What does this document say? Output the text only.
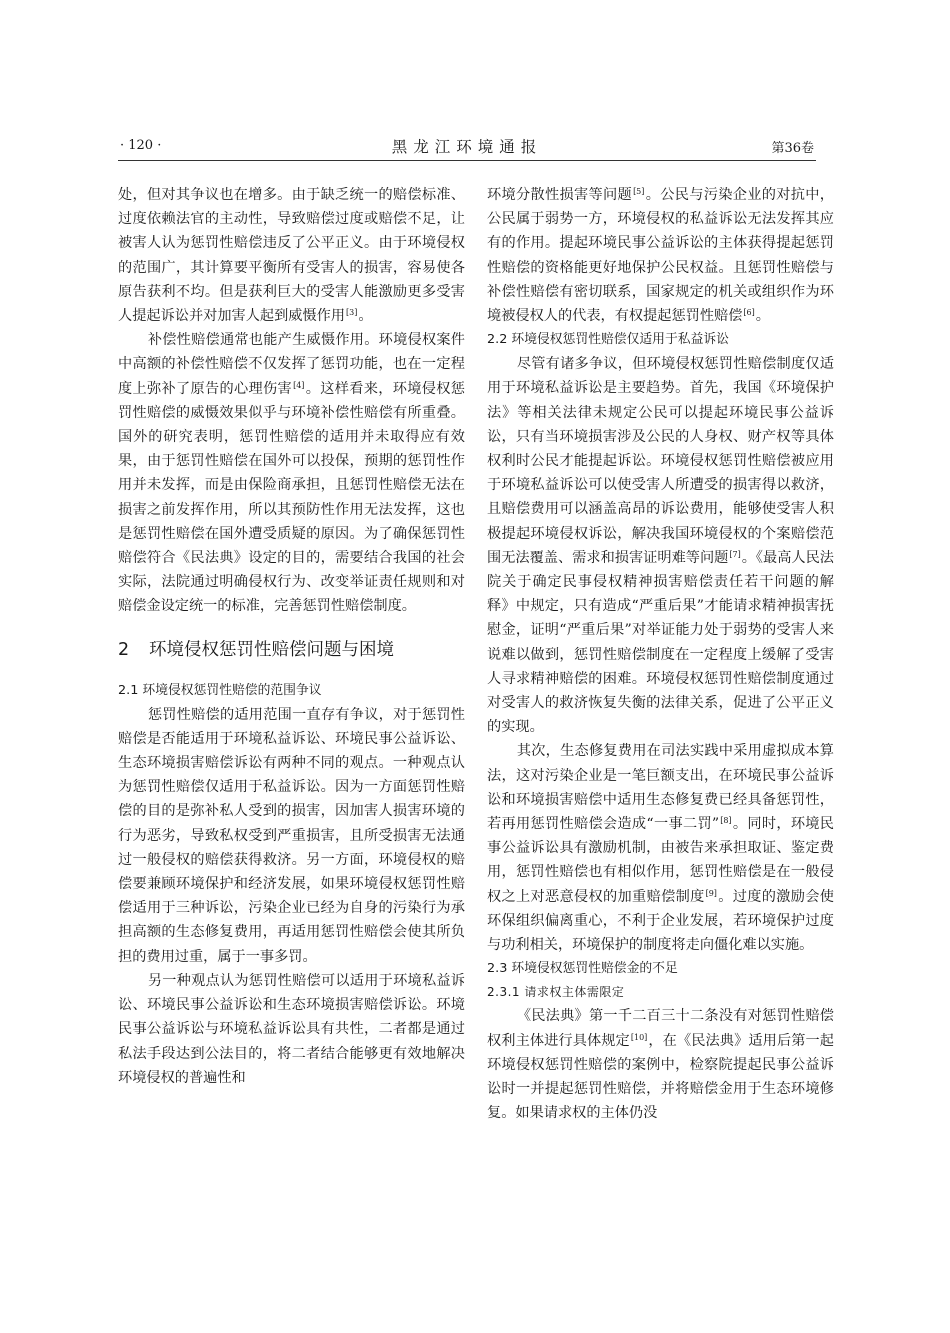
· 120 ·	黑龙江环境通报	第36卷

处，但对其争议也在增多。由于缺乏统一的赔偿标准、过度依赖法官的主动性，导致赔偿过度或赔偿不足，让被害人认为惩罚性赔偿违反了公平正义。由于环境侵权的范围广，其计算要平衡所有受害人的损害，容易使各原告获利不均。但是获利巨大的受害人能激励更多受害人提起诉讼并对加害人起到威慑作用[3]。

补偿性赔偿通常也能产生威慑作用。环境侵权案件中高额的补偿性赔偿不仅发挥了惩罚功能，也在一定程度上弥补了原告的心理伤害[4]。这样看来，环境侵权惩罚性赔偿的威慑效果似乎与环境补偿性赔偿有所重叠。国外的研究表明，惩罚性赔偿的适用并未取得应有效果，由于惩罚性赔偿在国外可以投保，预期的惩罚性作用并未发挥，而是由保险商承担，且惩罚性赔偿无法在损害之前发挥作用，所以其预防性作用无法发挥，这也是惩罚性赔偿在国外遭受质疑的原因。为了确保惩罚性赔偿符合《民法典》设定的目的，需要结合我国的社会实际，法院通过明确侵权行为、改变举证责任规则和对赔偿金设定统一的标准，完善惩罚性赔偿制度。

2 环境侵权惩罚性赔偿问题与困境
2.1 环境侵权惩罚性赔偿的范围争议

惩罚性赔偿的适用范围一直存有争议，对于惩罚性赔偿是否能适用于环境私益诉讼、环境民事公益诉讼、生态环境损害赔偿诉讼有两种不同的观点。一种观点认为惩罚性赔偿仅适用于私益诉讼。因为一方面惩罚性赔偿的目的是弥补私人受到的损害，因加害人损害环境的行为恶劣，导致私权受到严重损害，且所受损害无法通过一般侵权的赔偿获得救济。另一方面，环境侵权的赔偿要兼顾环境保护和经济发展，如果环境侵权惩罚性赔偿适用于三种诉讼，污染企业已经为自身的污染行为承担高额的生态修复费用，再适用惩罚性赔偿会使其所负担的费用过重，属于一事多罚。

另一种观点认为惩罚性赔偿可以适用于环境私益诉讼、环境民事公益诉讼和生态环境损害赔偿诉讼。环境民事公益诉讼与环境私益诉讼具有共性，二者都是通过私法手段达到公法目的，将二者结合能够更有效地解决环境侵权的普遍性和

环境分散性损害等问题[5]。公民与污染企业的对抗中，公民属于弱势一方，环境侵权的私益诉讼无法发挥其应有的作用。提起环境民事公益诉讼的主体获得提起惩罚性赔偿的资格能更好地保护公民权益。且惩罚性赔偿与补偿性赔偿有密切联系，国家规定的机关或组织作为环境被侵权人的代表，有权提起惩罚性赔偿[6]。

2.2 环境侵权惩罚性赔偿仅适用于私益诉讼

尽管有诸多争议，但环境侵权惩罚性赔偿制度仅适用于环境私益诉讼是主要趋势。首先，我国《环境保护法》等相关法律未规定公民可以提起环境民事公益诉讼，只有当环境损害涉及公民的人身权、财产权等具体权利时公民才能提起诉讼。环境侵权惩罚性赔偿被应用于环境私益诉讼可以使受害人所遭受的损害得以救济，且赔偿费用可以涵盖高昂的诉讼费用，能够使受害人积极提起环境侵权诉讼，解决我国环境侵权的个案赔偿范围无法覆盖、需求和损害证明难等问题[7]。《最高人民法院关于确定民事侵权精神损害赔偿责任若干问题的解释》中规定，只有造成“严重后果”才能请求精神损害抚慰金，证明“严重后果”对举证能力处于弱势的受害人来说难以做到，惩罚性赔偿制度在一定程度上缓解了受害人寻求精神赔偿的困难。环境侵权惩罚性赔偿制度通过对受害人的救济恢复失衡的法律关系，促进了公平正义的实现。

其次，生态修复费用在司法实践中采用虚拟成本算法，这对污染企业是一笔巨额支出，在环境民事公益诉讼和环境损害赔偿中适用生态修复费已经具备惩罚性，若再用惩罚性赔偿会造成“一事二罚”[8]。同时，环境民事公益诉讼具有激励机制，由被告来承担取证、鉴定费用，惩罚性赔偿也有相似作用，惩罚性赔偿是在一般侵权之上对恶意侵权的加重赔偿制度[9]。过度的激励会使环保组织偏离重心，不利于企业发展，若环境保护过度与功利相关，环境保护的制度将走向僵化难以实施。

2.3 环境侵权惩罚性赔偿金的不足
2.3.1 请求权主体需限定

《民法典》第一千二百三十二条没有对惩罚性赔偿权利主体进行具体规定[10]，在《民法典》适用后第一起环境侵权惩罚性赔偿的案例中，检察院提起民事公益诉讼时一并提起惩罚性赔偿，并将赔偿金用于生态环境修复。如果请求权的主体仍没
